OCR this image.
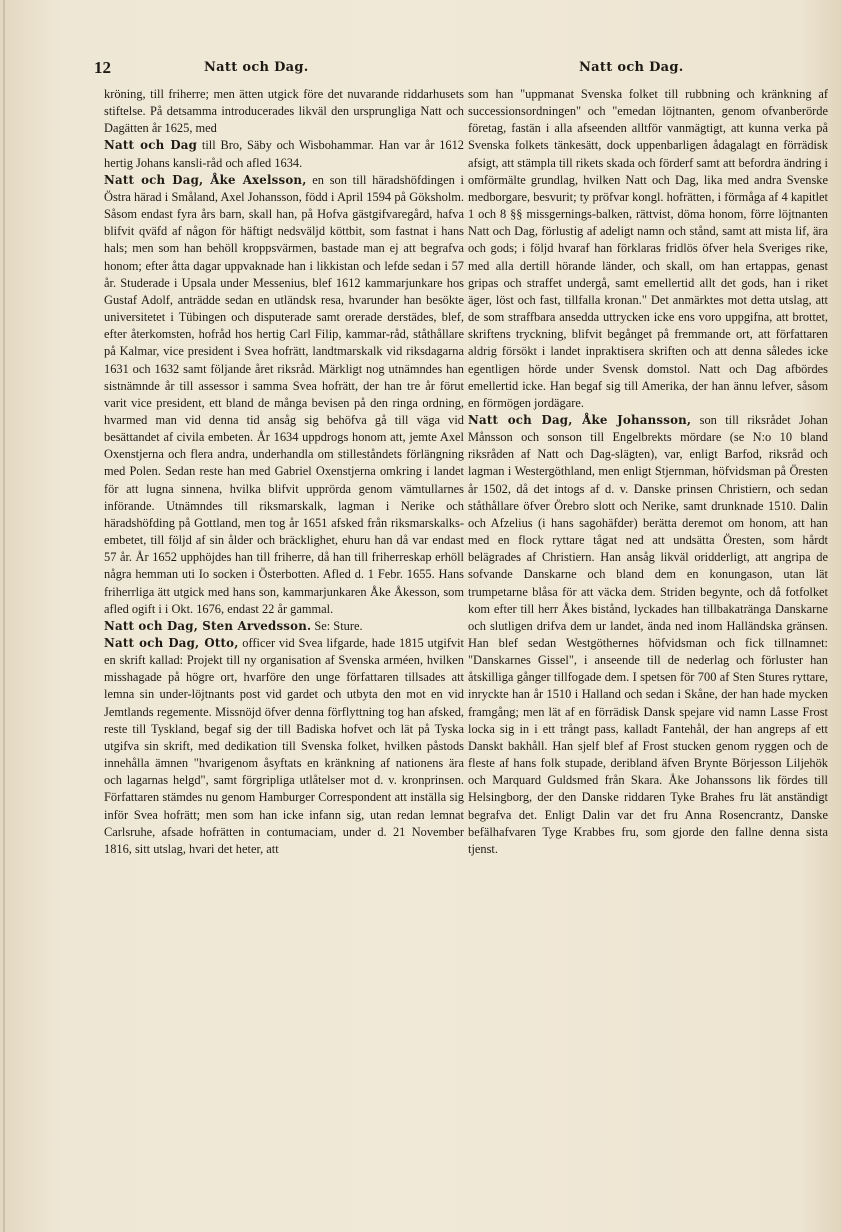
12	Natt och Dag.	Natt och Dag.

kröning, till friherre; men ätten utgick före det nuvarande riddarhusets stiftelse. På detsamma introducerades likväl den ursprungliga Natt och Dagätten år 1625, med

Natt och Dag till Bro, Säby och Wisbohammar. Han var år 1612 hertig Johans kansli-råd och afled 1634.

Natt och Dag, Åke Axelsson, en son till häradshöfdingen i Östra härad i Småland, Axel Johansson, född i April 1594 på Göksholm. Såsom endast fyra års barn, skall han, på Hofva gästgifvaregård, hafva blifvit qväfd af någon för häftigt nedsväljd köttbit, som fastnat i hans hals; men som han behöll kroppsvärmen, bastade man ej att begrafva honom; efter åtta dagar uppvaknade han i likkistan och lefde sedan i 57 år. Studerade i Upsala under Messenius, blef 1612 kammarjunkare hos Gustaf Adolf, anträdde sedan en utländsk resa, hvarunder han besökte universitetet i Tübingen och disputerade samt orerade derstädes, blef, efter återkomsten, hofråd hos hertig Carl Filip, kammar-råd, ståthållare på Kalmar, vice president i Svea hofrätt, landtmarskalk vid riksdagarna 1631 och 1632 samt följande året riksråd. Märkligt nog utnämndes han sistnämnde år till assessor i samma Svea hofrätt, der han tre år förut varit vice president, ett bland de många bevisen på den ringa ordning, hvarmed man vid denna tid ansåg sig behöfva gå till väga vid besättandet af civila embeten. År 1634 uppdrogs honom att, jemte Axel Oxenstjerna och flera andra, underhandla om stilleståndets förlängning med Polen. Sedan reste han med Gabriel Oxenstjerna omkring i landet för att lugna sinnena, hvilka blifvit upprörda genom vämtullarnes införande. Utnämndes till riksmarskalk, lagman i Nerike och häradshöfding på Gottland, men tog år 1651 afsked från riksmarskalks-embetet, till följd af sin ålder och bräcklighet, ehuru han då var endast 57 år. År 1652 upphöjdes han till friherre, då han till friherreskap erhöll några hemman uti Io socken i Österbotten. Afled d. 1 Febr. 1655. Hans friherrliga ätt utgick med hans son, kammarjunkaren Åke Åkesson, som afled ogift i i Okt. 1676, endast 22 år gammal.

Natt och Dag, Sten Arvedsson. Se: Sture.

Natt och Dag, Otto, officer vid Svea lifgarde, hade 1815 utgifvit en skrift kallad: Projekt till ny organisation af Svenska arméen, hvilken misshagade på högre ort, hvarföre den unge författaren tillsades att lemna sin under-löjtnants post vid gardet och utbyta den mot en vid Jemtlands regemente. Missnöjd öfver denna förflyttning tog han afsked, reste till Tyskland, begaf sig der till Badiska hofvet och lät på Tyska utgifva sin skrift, med dedikation till Svenska folket, hvilken påstods innehålla ämnen "hvarigenom åsyftats en kränkning af nationens ära och lagarnas helgd", samt förgripliga utlåtelser mot d. v. kronprinsen. Författaren stämdes nu genom Hamburger Correspondent att inställa sig inför Svea hofrätt; men som han icke infann sig, utan redan lemnat Carlsruhe, afsade hofrätten in contumaciam, under d. 21 November 1816, sitt utslag, hvari det heter, att

som han "uppmanat Svenska folket till rubbning och kränkning af successionsordningen" och "emedan löjtnanten, genom ofvanberörde företag, fastän i alla afseenden alltför vanmägtigt, att kunna verka på Svenska folkets tänkesätt, dock uppenbarligen ådagalagt en förrädisk afsigt, att stämpla till rikets skada och förderf samt att befordra ändring i omförmälte grundlag, hvilken Natt och Dag, lika med andra Svenske medborgare, besvurit; ty pröfvar kongl. hofrätten, i förmåga af 4 kapitlet 1 och 8 §§ missgernings-balken, rättvist, döma honom, förre löjtnanten Natt och Dag, förlustig af adeligt namn och stånd, samt att mista lif, ära och gods; i följd hvaraf han förklaras fridlös öfver hela Sveriges rike, med alla dertill hörande länder, och skall, om han ertappas, genast gripas och straffet undergå, samt emellertid allt det gods, han i riket äger, löst och fast, tillfalla kronan." Det anmärktes mot detta utslag, att de som straffbara ansedda uttrycken icke ens voro uppgifna, att brottet, skriftens tryckning, blifvit begånget på fremmande ort, att författaren aldrig försökt i landet inpraktisera skriften och att denna således icke egentligen hörde under Svensk domstol. Natt och Dag afbördes emellertid icke. Han begaf sig till Amerika, der han ännu lefver, såsom en förmögen jordägare.

Natt och Dag, Åke Johansson, son till riksrådet Johan Månsson och sonson till Engelbrekts mördare (se N:o 10 bland riksråden af Natt och Dag-slägten), var, enligt Barfod, riksråd och lagman i Westergöthland, men enligt Stjernman, höfvidsman på Öresten år 1502, då det intogs af d. v. Danske prinsen Christiern, och sedan ståthållare öfver Örebro slott och Nerike, samt drunknade 1510. Dalin och Afzelius (i hans sagohäfder) berätta deremot om honom, att han med en flock ryttare tågat ned att undsätta Öresten, som hårdt belägrades af Christiern. Han ansåg likväl oridderligt, att angripa de sofvande Danskarne och bland dem en konungason, utan lät trumpetarne blåsa för att väcka dem. Striden begynte, och då fotfolket kom efter till herr Åkes bistånd, lyckades han tillbakatränga Danskarne och slutligen drifva dem ur landet, ända ned inom Halländska gränsen. Han blef sedan Westgöthernes höfvidsman och fick tillnamnet: "Danskarnes Gissel", i anseende till de nederlag och förluster han åtskilliga gånger tillfogade dem. I spetsen för 700 af Sten Stures ryttare, inryckte han år 1510 i Halland och sedan i Skåne, der han hade mycken framgång; men lät af en förrädisk Dansk spejare vid namn Lasse Frost locka sig in i ett trångt pass, kalladt Fantehål, der han angreps af ett Danskt bakhåll. Han sjelf blef af Frost stucken genom ryggen och de fleste af hans folk stupade, deribland äfven Brynte Börjesson Liljehök och Marquard Guldsmed från Skara. Åke Johanssons lik fördes till Helsingborg, der den Danske riddaren Tyke Brahes fru lät anständigt begrafva det. Enligt Dalin var det fru Anna Rosencrantz, Danske befälhafvaren Tyge Krabbes fru, som gjorde den fallne denna sista tjenst.
